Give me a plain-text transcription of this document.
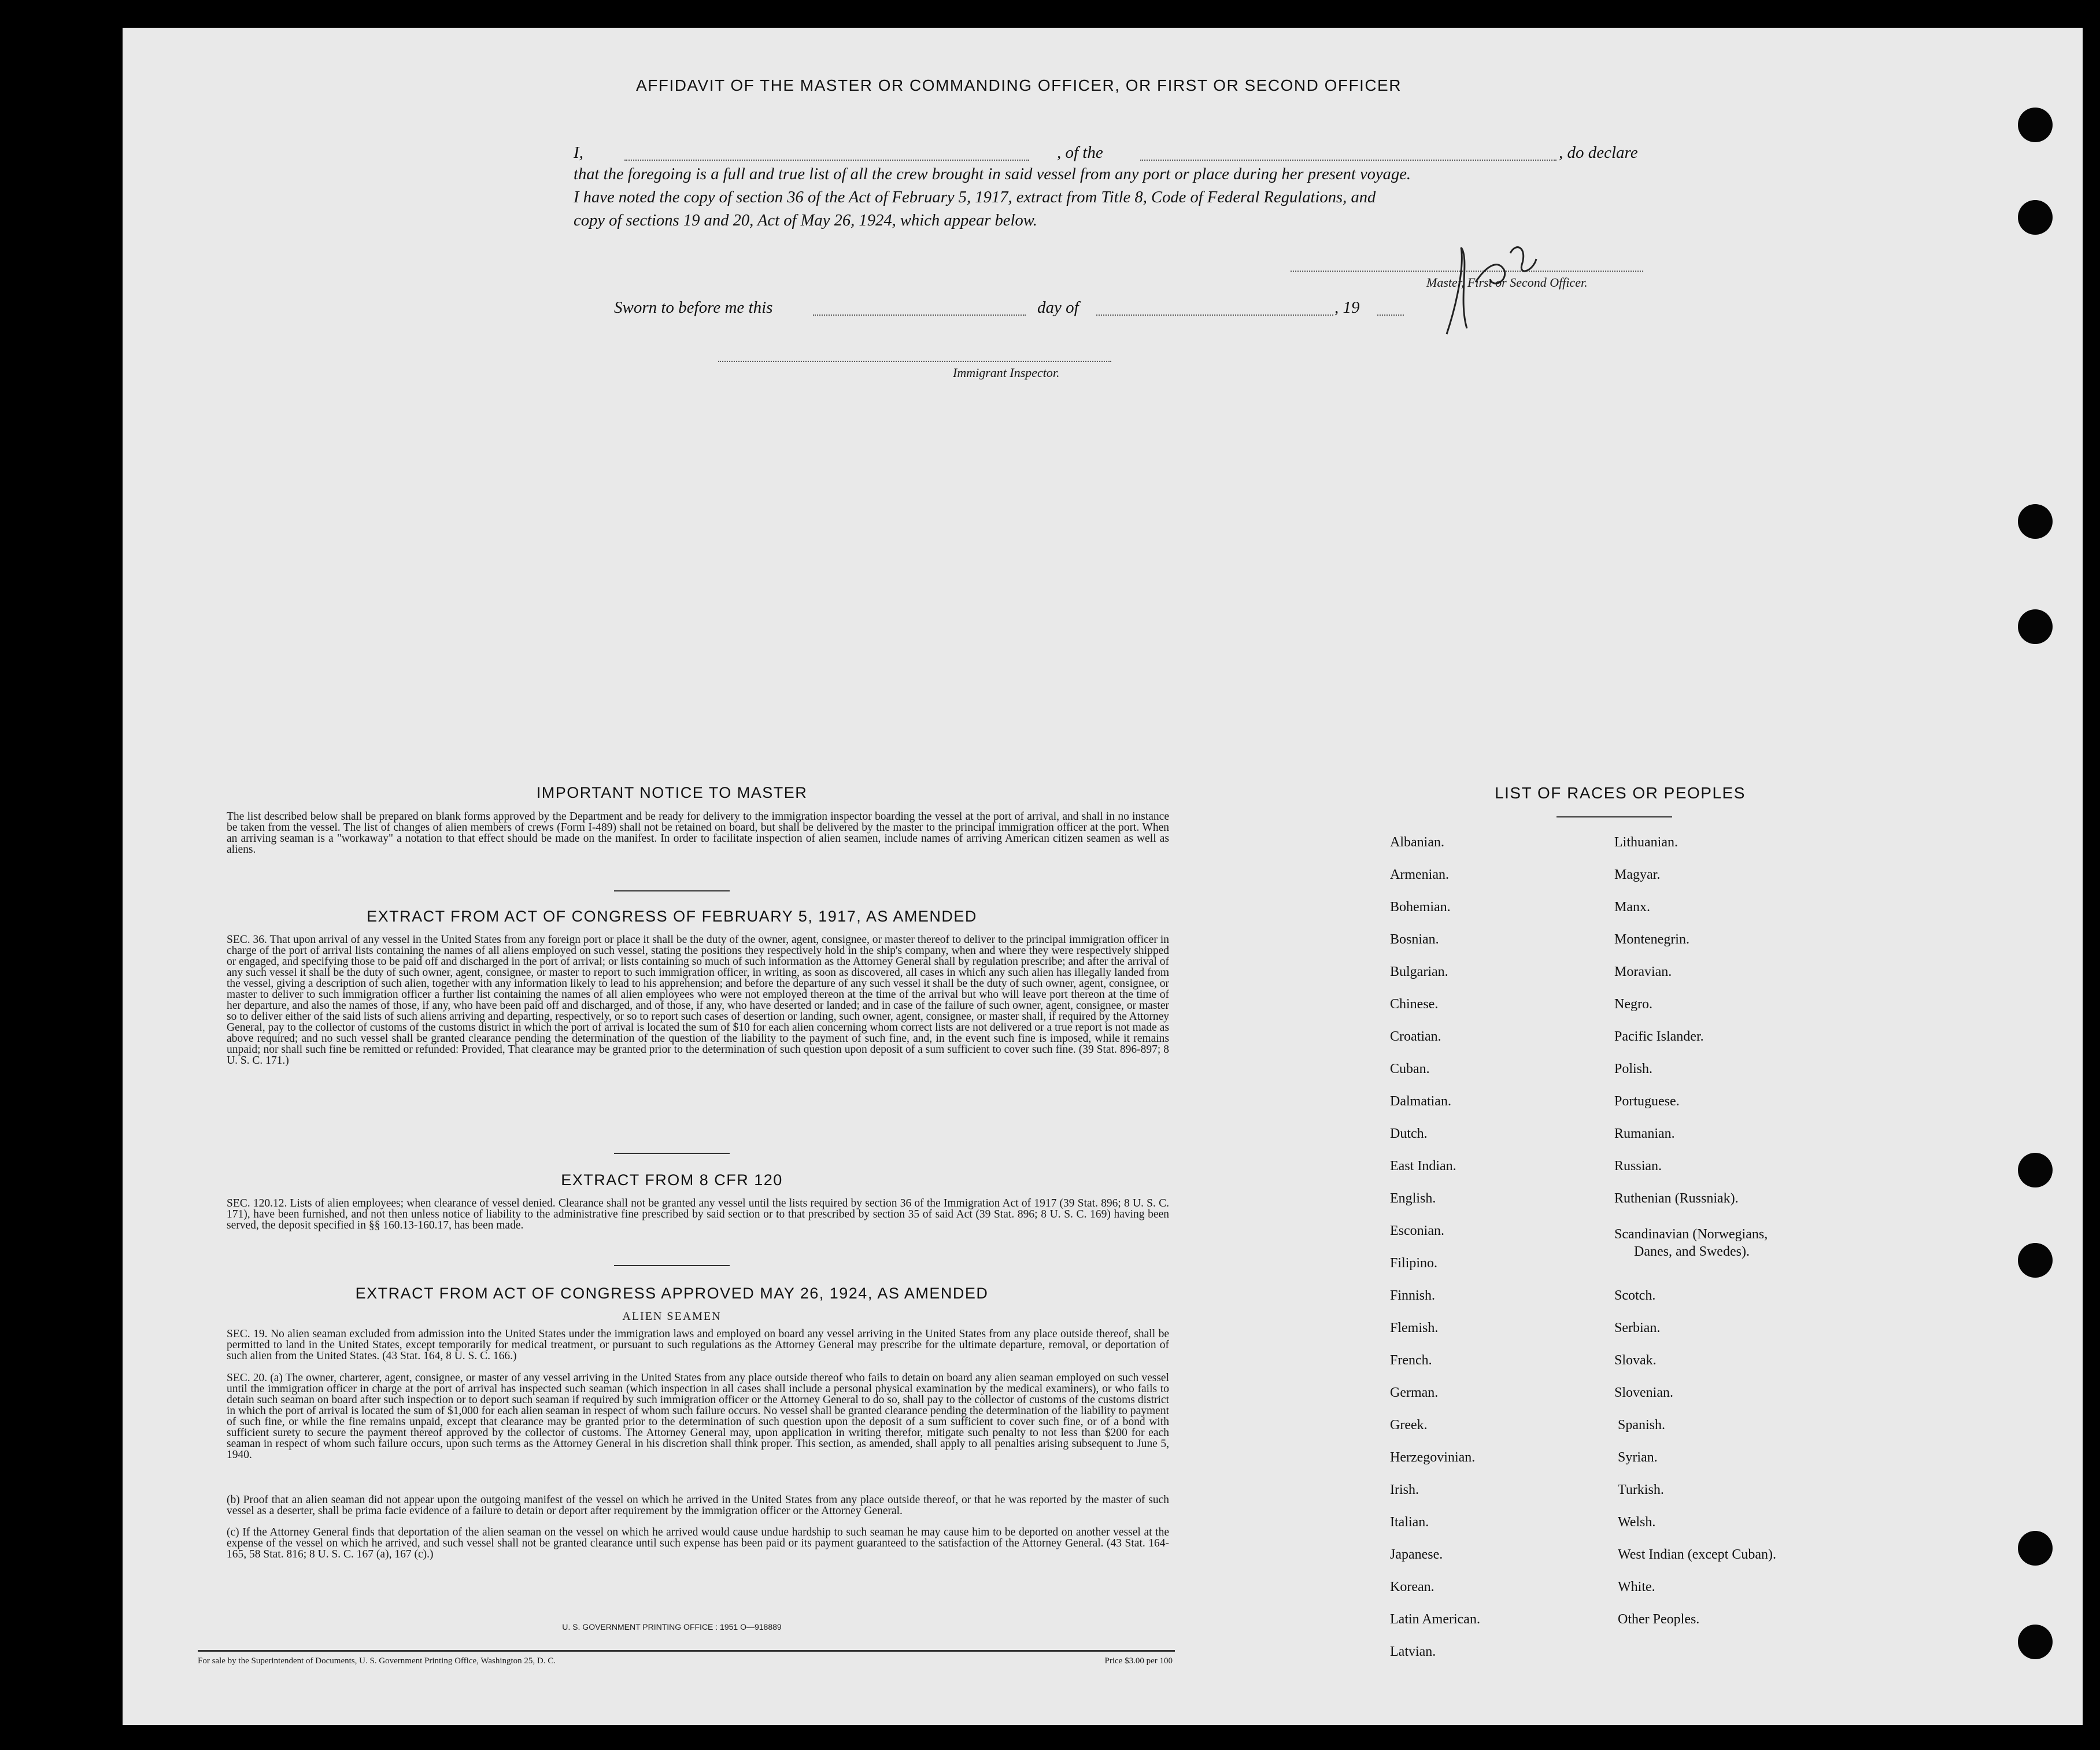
AFFIDAVIT OF THE MASTER OR COMMANDING OFFICER, OR FIRST OR SECOND OFFICER
I,	, of the	, do declare
that the foregoing is a full and true list of all the crew brought in said vessel from any port or place during her present voyage.
I have noted the copy of section 36 of the Act of February 5, 1917, extract from Title 8, Code of Federal Regulations, and
copy of sections 19 and 20, Act of May 26, 1924, which appear below.
Master, First or Second Officer.
Sworn to before me this	day of	, 19
Immigrant Inspector.
IMPORTANT NOTICE TO MASTER
The list described below shall be prepared on blank forms approved by the Department and be ready for delivery to the immigration inspector boarding the vessel at the port of arrival, and shall in no instance be taken from the vessel. The list of changes of alien members of crews (Form I-489) shall not be retained on board, but shall be delivered by the master to the principal immigration officer at the port. When an arriving seaman is a "workaway" a notation to that effect should be made on the manifest. In order to facilitate inspection of alien seamen, include names of arriving American citizen seamen as well as aliens.
EXTRACT FROM ACT OF CONGRESS OF FEBRUARY 5, 1917, AS AMENDED
SEC. 36. That upon arrival of any vessel in the United States from any foreign port or place it shall be the duty of the owner, agent, consignee, or master thereof to deliver to the principal immigration officer in charge of the port of arrival lists containing the names of all aliens employed on such vessel, stating the positions they respectively hold in the ship's company, when and where they were respectively shipped or engaged, and specifying those to be paid off and discharged in the port of arrival; or lists containing so much of such information as the Attorney General shall by regulation prescribe; and after the arrival of any such vessel it shall be the duty of such owner, agent, consignee, or master to report to such immigration officer, in writing, as soon as discovered, all cases in which any such alien has illegally landed from the vessel, giving a description of such alien, together with any information likely to lead to his apprehension; and before the departure of any such vessel it shall be the duty of such owner, agent, consignee, or master to deliver to such immigration officer a further list containing the names of all alien employees who were not employed thereon at the time of the arrival but who will leave port thereon at the time of her departure, and also the names of those, if any, who have been paid off and discharged, and of those, if any, who have deserted or landed; and in case of the failure of such owner, agent, consignee, or master so to deliver either of the said lists of such aliens arriving and departing, respectively, or so to report such cases of desertion or landing, such owner, agent, consignee, or master shall, if required by the Attorney General, pay to the collector of customs of the customs district in which the port of arrival is located the sum of $10 for each alien concerning whom correct lists are not delivered or a true report is not made as above required; and no such vessel shall be granted clearance pending the determination of the question of the liability to the payment of such fine, and, in the event such fine is imposed, while it remains unpaid; nor shall such fine be remitted or refunded: Provided, That clearance may be granted prior to the determination of such question upon deposit of a sum sufficient to cover such fine. (39 Stat. 896-897; 8 U. S. C. 171.)
EXTRACT FROM 8 CFR 120
SEC. 120.12. Lists of alien employees; when clearance of vessel denied. Clearance shall not be granted any vessel until the lists required by section 36 of the Immigration Act of 1917 (39 Stat. 896; 8 U. S. C. 171), have been furnished, and not then unless notice of liability to the administrative fine prescribed by said section or to that prescribed by section 35 of said Act (39 Stat. 896; 8 U. S. C. 169) having been served, the deposit specified in §§ 160.13-160.17, has been made.
EXTRACT FROM ACT OF CONGRESS APPROVED MAY 26, 1924, AS AMENDED
ALIEN SEAMEN
SEC. 19. No alien seaman excluded from admission into the United States under the immigration laws and employed on board any vessel arriving in the United States from any place outside thereof, shall be permitted to land in the United States, except temporarily for medical treatment, or pursuant to such regulations as the Attorney General may prescribe for the ultimate departure, removal, or deportation of such alien from the United States. (43 Stat. 164, 8 U. S. C. 166.)
SEC. 20. (a) The owner, charterer, agent, consignee, or master of any vessel arriving in the United States from any place outside thereof who fails to detain on board any alien seaman employed on such vessel until the immigration officer in charge at the port of arrival has inspected such seaman (which inspection in all cases shall include a personal physical examination by the medical examiners), or who fails to detain such seaman on board after such inspection or to deport such seaman if required by such immigration officer or the Attorney General to do so, shall pay to the collector of customs of the customs district in which the port of arrival is located the sum of $1,000 for each alien seaman in respect of whom such failure occurs. No vessel shall be granted clearance pending the determination of the liability to payment of such fine, or while the fine remains unpaid, except that clearance may be granted prior to the determination of such question upon the deposit of a sum sufficient to cover such fine, or of a bond with sufficient surety to secure the payment thereof approved by the collector of customs. The Attorney General may, upon application in writing therefor, mitigate such penalty to not less than $200 for each seaman in respect of whom such failure occurs, upon such terms as the Attorney General in his discretion shall think proper. This section, as amended, shall apply to all penalties arising subsequent to June 5, 1940.
(b) Proof that an alien seaman did not appear upon the outgoing manifest of the vessel on which he arrived in the United States from any place outside thereof, or that he was reported by the master of such vessel as a deserter, shall be prima facie evidence of a failure to detain or deport after requirement by the immigration officer or the Attorney General.
(c) If the Attorney General finds that deportation of the alien seaman on the vessel on which he arrived would cause undue hardship to such seaman he may cause him to be deported on another vessel at the expense of the vessel on which he arrived, and such vessel shall not be granted clearance until such expense has been paid or its payment guaranteed to the satisfaction of the Attorney General. (43 Stat. 164-165, 58 Stat. 816; 8 U. S. C. 167 (a), 167 (c).)
U. S. GOVERNMENT PRINTING OFFICE : 1951 O—918889
For sale by the Superintendent of Documents, U. S. Government Printing Office, Washington 25, D. C.	Price $3.00 per 100
LIST OF RACES OR PEOPLES
Albanian.
Armenian.
Bohemian.
Bosnian.
Bulgarian.
Chinese.
Croatian.
Cuban.
Dalmatian.
Dutch.
East Indian.
English.
Esconian.
Filipino.
Finnish.
Flemish.
French.
German.
Greek.
Herzegovinian.
Irish.
Italian.
Japanese.
Korean.
Latin American.
Latvian.
Lithuanian.
Magyar.
Manx.
Montenegrin.
Moravian.
Negro.
Pacific Islander.
Polish.
Portuguese.
Rumanian.
Russian.
Ruthenian (Russniak).
Scandinavian (Norwegians,
Danes, and Swedes).
Scotch.
Serbian.
Slovak.
Slovenian.
Spanish.
Syrian.
Turkish.
Welsh.
West Indian (except Cuban).
White.
Other Peoples.
